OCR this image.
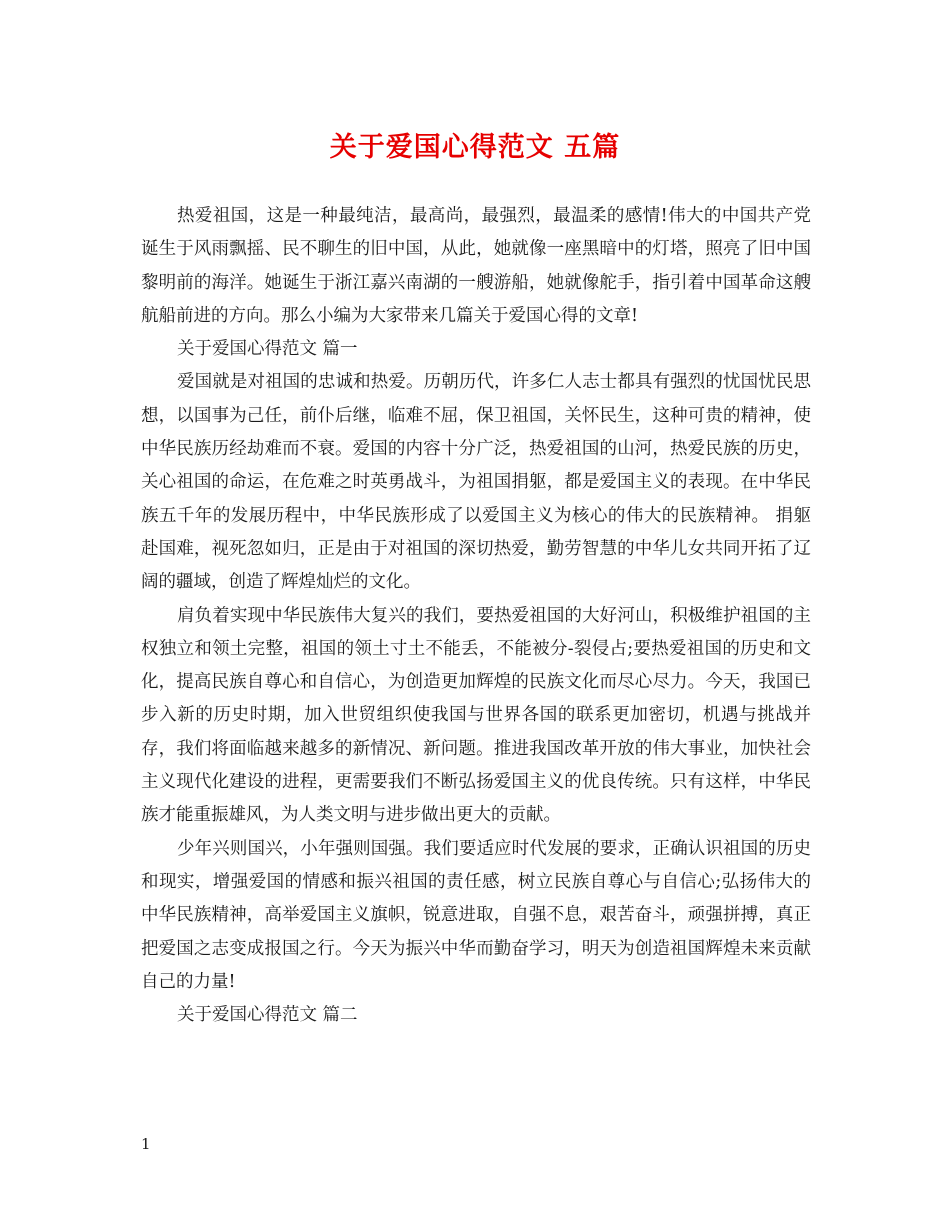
关于爱国心得范文 五篇

热爱祖国，这是一种最纯洁，最高尚，最强烈，最温柔的感情!伟大的中国共产党诞生于风雨飘摇、民不聊生的旧中国，从此，她就像一座黑暗中的灯塔，照亮了旧中国黎明前的海洋。她诞生于浙江嘉兴南湖的一艘游船，她就像舵手，指引着中国革命这艘航船前进的方向。那么小编为大家带来几篇关于爱国心得的文章!

关于爱国心得范文 篇一

爱国就是对祖国的忠诚和热爱。历朝历代，许多仁人志士都具有强烈的忧国忧民思想，以国事为己任，前仆后继，临难不屈，保卫祖国，关怀民生，这种可贵的精神，使中华民族历经劫难而不衰。爱国的内容十分广泛，热爱祖国的山河，热爱民族的历史，关心祖国的命运，在危难之时英勇战斗，为祖国捐躯，都是爱国主义的表现。在中华民族五千年的发展历程中，中华民族形成了以爱国主义为核心的伟大的民族精神。 捐躯赴国难，视死忽如归，正是由于对祖国的深切热爱，勤劳智慧的中华儿女共同开拓了辽阔的疆域，创造了辉煌灿烂的文化。

肩负着实现中华民族伟大复兴的我们，要热爱祖国的大好河山，积极维护祖国的主权独立和领土完整，祖国的领土寸土不能丢，不能被分-裂侵占;要热爱祖国的历史和文化，提高民族自尊心和自信心，为创造更加辉煌的民族文化而尽心尽力。今天，我国已步入新的历史时期，加入世贸组织使我国与世界各国的联系更加密切，机遇与挑战并存，我们将面临越来越多的新情况、新问题。推进我国改革开放的伟大事业，加快社会主义现代化建设的进程，更需要我们不断弘扬爱国主义的优良传统。只有这样，中华民族才能重振雄风，为人类文明与进步做出更大的贡献。

少年兴则国兴，小年强则国强。我们要适应时代发展的要求，正确认识祖国的历史和现实，增强爱国的情感和振兴祖国的责任感，树立民族自尊心与自信心;弘扬伟大的中华民族精神，高举爱国主义旗帜，锐意进取，自强不息，艰苦奋斗，顽强拼搏，真正把爱国之志变成报国之行。今天为振兴中华而勤奋学习，明天为创造祖国辉煌未来贡献自己的力量!

关于爱国心得范文 篇二

1
